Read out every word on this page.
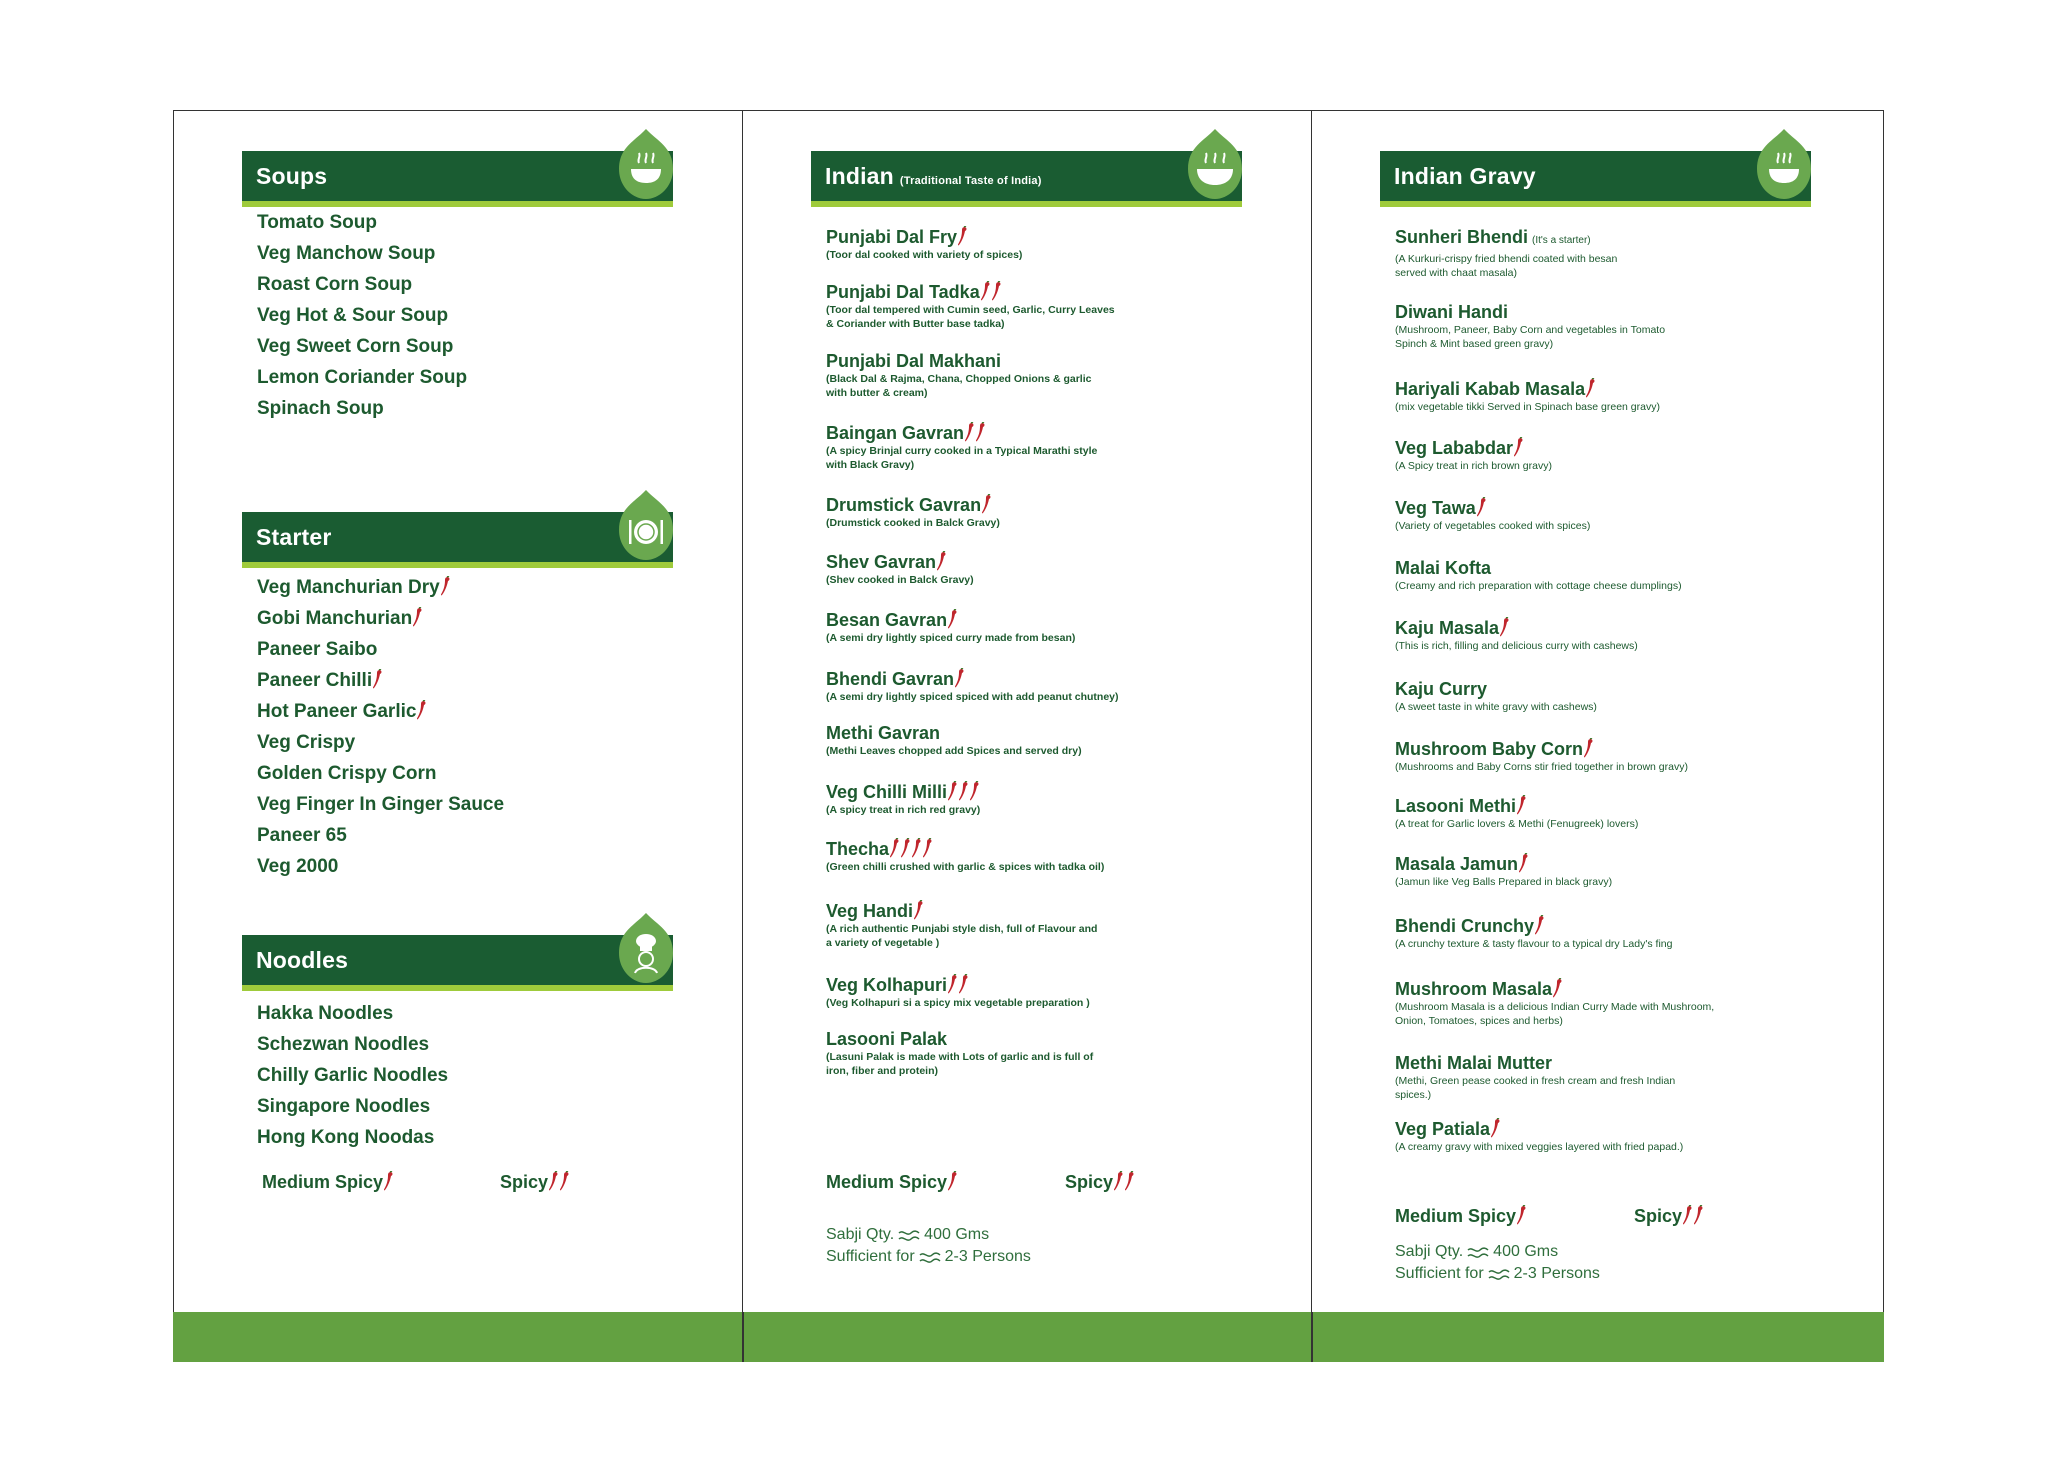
Soups
Tomato Soup
Veg Manchow Soup
Roast Corn Soup
Veg Hot & Sour Soup
Veg Sweet Corn Soup
Lemon Coriander Soup
Spinach Soup
Starter
Veg Manchurian Dry
Gobi Manchurian
Paneer Saibo
Paneer Chilli
Hot Paneer Garlic
Veg Crispy
Golden Crispy Corn
Veg Finger In Ginger Sauce
Paneer 65
Veg 2000
Noodles
Hakka Noodles
Schezwan Noodles
Chilly Garlic Noodles
Singapore Noodles
Hong Kong Noodas
Medium Spicy	Spicy
Indian (Traditional Taste of India)
Punjabi Dal Fry
(Toor dal cooked with variety of spices)
Punjabi Dal Tadka
(Toor dal tempered with Cumin seed, Garlic, Curry Leaves
& Coriander with Butter base tadka)
Punjabi Dal Makhani
(Black Dal & Rajma, Chana, Chopped Onions & garlic
with butter & cream)
Baingan Gavran
(A spicy Brinjal curry cooked in a Typical Marathi style
with Black Gravy)
Drumstick Gavran
(Drumstick cooked in Balck Gravy)
Shev Gavran
(Shev cooked in Balck Gravy)
Besan Gavran
(A semi dry lightly spiced curry made from besan)
Bhendi Gavran
(A semi dry lightly spiced spiced with add peanut chutney)
Methi Gavran
(Methi Leaves chopped add Spices and served dry)
Veg Chilli Milli
(A spicy treat in rich red gravy)
Thecha
(Green chilli crushed with garlic & spices with tadka oil)
Veg Handi
(A rich authentic Punjabi style dish, full of Flavour and
a variety of vegetable )
Veg Kolhapuri
(Veg Kolhapuri si a spicy mix vegetable preparation )
Lasooni Palak
(Lasuni Palak is made with Lots of garlic and is full of
iron, fiber and protein)
Medium Spicy	Spicy
Sabji Qty. 400 Gms
Sufficient for 2-3 Persons
Indian Gravy
Sunheri Bhendi (It's a starter)
(A Kurkuri-crispy fried bhendi coated with besan
served with chaat masala)
Diwani Handi
(Mushroom, Paneer, Baby Corn and vegetables in Tomato
Spinch & Mint based green gravy)
Hariyali Kabab Masala
(mix vegetable tikki Served in Spinach base green gravy)
Veg Lababdar
(A Spicy treat in rich brown gravy)
Veg Tawa
(Variety of vegetables cooked with spices)
Malai Kofta
(Creamy and rich preparation with cottage cheese dumplings)
Kaju Masala
(This is rich, filling and delicious curry with cashews)
Kaju Curry
(A sweet taste in white gravy with cashews)
Mushroom Baby Corn
(Mushrooms and Baby Corns stir fried together in brown gravy)
Lasooni Methi
(A treat for Garlic lovers & Methi (Fenugreek) lovers)
Masala Jamun
(Jamun like Veg Balls Prepared in black gravy)
Bhendi Crunchy
(A crunchy texture & tasty flavour to a typical dry Lady's fing
Mushroom Masala
(Mushroom Masala is a delicious Indian Curry Made with Mushroom,
Onion, Tomatoes, spices and herbs)
Methi Malai Mutter
(Methi, Green pease cooked in fresh cream and fresh Indian
spices.)
Veg Patiala
(A creamy gravy with mixed veggies layered with fried papad.)
Medium Spicy	Spicy
Sabji Qty. 400 Gms
Sufficient for 2-3 Persons
